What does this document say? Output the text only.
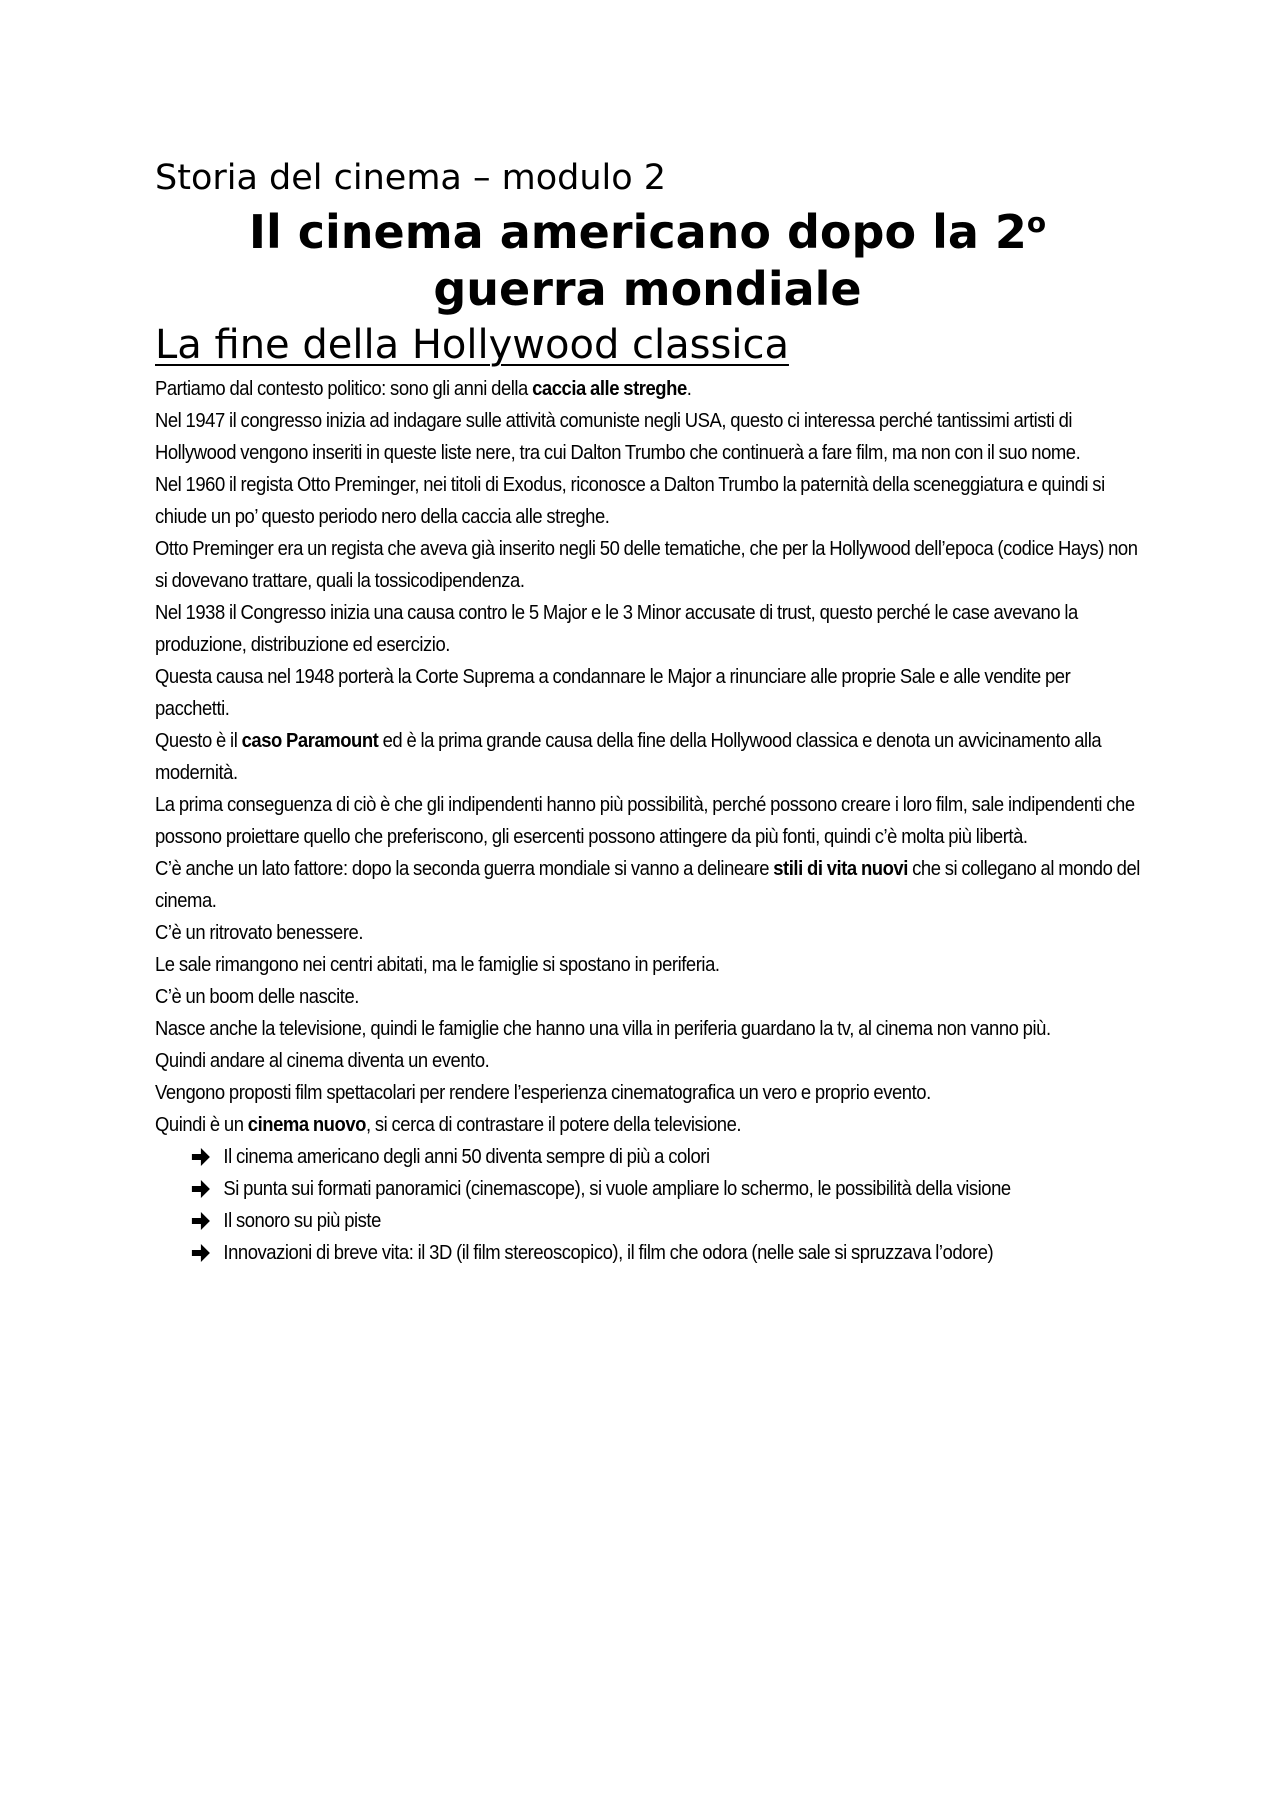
Storia del cinema – modulo 2
Il cinema americano dopo la 2$^o$
guerra mondiale
La fine della Hollywood classica

Partiamo dal contesto politico: sono gli anni della caccia alle streghe.

Nel 1947 il congresso inizia ad indagare sulle attività comuniste negli USA, questo ci interessa perché tantissimi artisti di Hollywood vengono inseriti in queste liste nere, tra cui Dalton Trumbo che continuerà a fare film, ma non con il suo nome.

Nel 1960 il regista Otto Preminger, nei titoli di Exodus, riconosce a Dalton Trumbo la paternità della sceneggiatura e quindi si chiude un po’ questo periodo nero della caccia alle streghe.

Otto Preminger era un regista che aveva già inserito negli 50 delle tematiche, che per la Hollywood dell’epoca (codice Hays) non si dovevano trattare, quali la tossicodipendenza.

Nel 1938 il Congresso inizia una causa contro le 5 Major e le 3 Minor accusate di trust, questo perché le case avevano la produzione, distribuzione ed esercizio.

Questa causa nel 1948 porterà la Corte Suprema a condannare le Major a rinunciare alle proprie Sale e alle vendite per pacchetti.

Questo è il caso Paramount ed è la prima grande causa della fine della Hollywood classica e denota un avvicinamento alla modernità.

La prima conseguenza di ciò è che gli indipendenti hanno più possibilità, perché possono creare i loro film, sale indipendenti che possono proiettare quello che preferiscono, gli esercenti possono attingere da più fonti, quindi c’è molta più libertà.

C’è anche un lato fattore: dopo la seconda guerra mondiale si vanno a delineare stili di vita nuovi che si collegano al mondo del cinema.

C’è un ritrovato benessere.

Le sale rimangono nei centri abitati, ma le famiglie si spostano in periferia.

C’è un boom delle nascite.

Nasce anche la televisione, quindi le famiglie che hanno una villa in periferia guardano la tv, al cinema non vanno più.

Quindi andare al cinema diventa un evento.

Vengono proposti film spettacolari per rendere l’esperienza cinematografica un vero e proprio evento.

Quindi è un cinema nuovo, si cerca di contrastare il potere della televisione.

Il cinema americano degli anni 50 diventa sempre di più a colori
Si punta sui formati panoramici (cinemascope), si vuole ampliare lo schermo, le possibilità della visione
Il sonoro su più piste
Innovazioni di breve vita: il 3D (il film stereoscopico), il film che odora (nelle sale si spruzzava l’odore)
